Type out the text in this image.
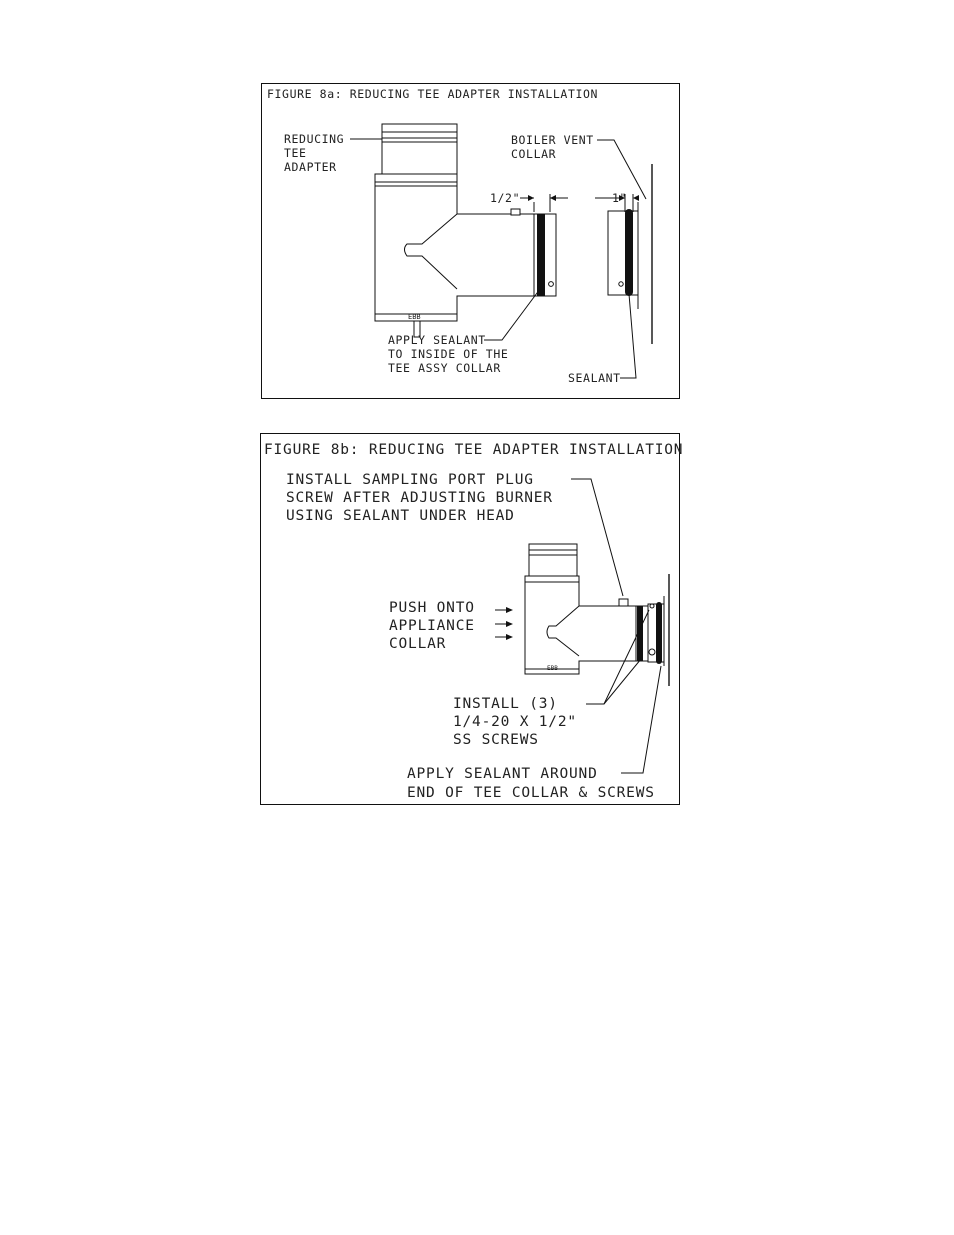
FIGURE 8a: REDUCING TEE ADAPTER INSTALLATION
EBB
1/2"	1"
REDUCING
TEE
ADAPTER
BOILER VENT
COLLAR
APPLY SEALANT
TO INSIDE OF THE
TEE ASSY COLLAR
SEALANT
FIGURE 8b: REDUCING TEE ADAPTER INSTALLATION
INSTALL SAMPLING PORT PLUG
SCREW AFTER ADJUSTING BURNER
USING SEALANT UNDER HEAD
EBB
PUSH ONTO
APPLIANCE
COLLAR
INSTALL (3)
1/4-20 X 1/2"
SS SCREWS
APPLY SEALANT AROUND
END OF TEE COLLAR & SCREWS
